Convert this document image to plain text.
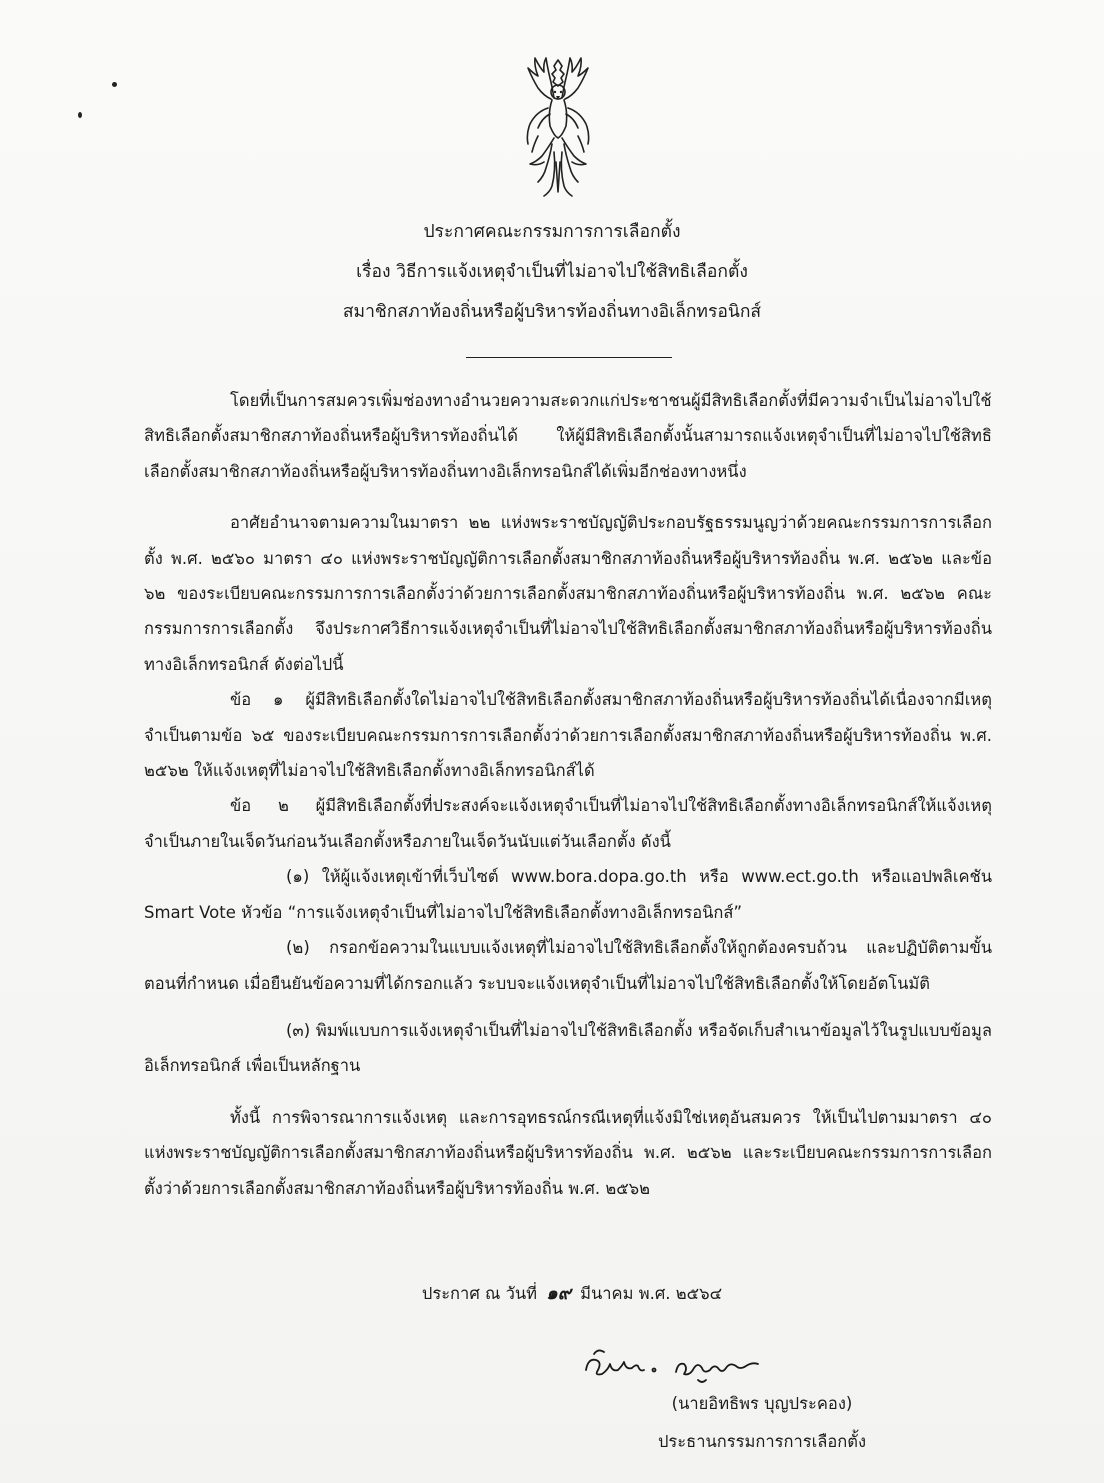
ประกาศคณะกรรมการการเลือกตั้ง
เรื่อง วิธีการแจ้งเหตุจำเป็นที่ไม่อาจไปใช้สิทธิเลือกตั้ง
สมาชิกสภาท้องถิ่นหรือผู้บริหารท้องถิ่นทางอิเล็กทรอนิกส์

โดยที่เป็นการสมควรเพิ่มช่องทางอำนวยความสะดวกแก่ประชาชนผู้มีสิทธิเลือกตั้งที่มีความจำเป็นไม่อาจไปใช้สิทธิเลือกตั้งสมาชิกสภาท้องถิ่นหรือผู้บริหารท้องถิ่นได้ ให้ผู้มีสิทธิเลือกตั้งนั้นสามารถแจ้งเหตุจำเป็นที่ไม่อาจไปใช้สิทธิเลือกตั้งสมาชิกสภาท้องถิ่นหรือผู้บริหารท้องถิ่นทางอิเล็กทรอนิกส์ได้เพิ่มอีกช่องทางหนึ่ง

อาศัยอำนาจตามความในมาตรา ๒๒ แห่งพระราชบัญญัติประกอบรัฐธรรมนูญว่าด้วยคณะกรรมการการเลือกตั้ง พ.ศ. ๒๕๖๐ มาตรา ๔๐ แห่งพระราชบัญญัติการเลือกตั้งสมาชิกสภาท้องถิ่นหรือผู้บริหารท้องถิ่น พ.ศ. ๒๕๖๒ และข้อ ๖๒ ของระเบียบคณะกรรมการการเลือกตั้งว่าด้วยการเลือกตั้งสมาชิกสภาท้องถิ่นหรือผู้บริหารท้องถิ่น พ.ศ. ๒๕๖๒ คณะกรรมการการเลือกตั้ง จึงประกาศวิธีการแจ้งเหตุจำเป็นที่ไม่อาจไปใช้สิทธิเลือกตั้งสมาชิกสภาท้องถิ่นหรือผู้บริหารท้องถิ่นทางอิเล็กทรอนิกส์ ดังต่อไปนี้

ข้อ ๑ ผู้มีสิทธิเลือกตั้งใดไม่อาจไปใช้สิทธิเลือกตั้งสมาชิกสภาท้องถิ่นหรือผู้บริหารท้องถิ่นได้เนื่องจากมีเหตุจำเป็นตามข้อ ๖๕ ของระเบียบคณะกรรมการการเลือกตั้งว่าด้วยการเลือกตั้งสมาชิกสภาท้องถิ่นหรือผู้บริหารท้องถิ่น พ.ศ. ๒๕๖๒ ให้แจ้งเหตุที่ไม่อาจไปใช้สิทธิเลือกตั้งทางอิเล็กทรอนิกส์ได้

ข้อ ๒ ผู้มีสิทธิเลือกตั้งที่ประสงค์จะแจ้งเหตุจำเป็นที่ไม่อาจไปใช้สิทธิเลือกตั้งทางอิเล็กทรอนิกส์ให้แจ้งเหตุจำเป็นภายในเจ็ดวันก่อนวันเลือกตั้งหรือภายในเจ็ดวันนับแต่วันเลือกตั้ง ดังนี้

(๑) ให้ผู้แจ้งเหตุเข้าที่เว็บไซต์ www.bora.dopa.go.th หรือ www.ect.go.th หรือแอปพลิเคชัน Smart Vote หัวข้อ “การแจ้งเหตุจำเป็นที่ไม่อาจไปใช้สิทธิเลือกตั้งทางอิเล็กทรอนิกส์”

(๒) กรอกข้อความในแบบแจ้งเหตุที่ไม่อาจไปใช้สิทธิเลือกตั้งให้ถูกต้องครบถ้วน และปฏิบัติตามขั้นตอนที่กำหนด เมื่อยืนยันข้อความที่ได้กรอกแล้ว ระบบจะแจ้งเหตุจำเป็นที่ไม่อาจไปใช้สิทธิเลือกตั้งให้โดยอัตโนมัติ

(๓) พิมพ์แบบการแจ้งเหตุจำเป็นที่ไม่อาจไปใช้สิทธิเลือกตั้ง หรือจัดเก็บสำเนาข้อมูลไว้ในรูปแบบข้อมูลอิเล็กทรอนิกส์ เพื่อเป็นหลักฐาน

ทั้งนี้ การพิจารณาการแจ้งเหตุ และการอุทธรณ์กรณีเหตุที่แจ้งมิใช่เหตุอันสมควร ให้เป็นไปตามมาตรา ๔๐ แห่งพระราชบัญญัติการเลือกตั้งสมาชิกสภาท้องถิ่นหรือผู้บริหารท้องถิ่น พ.ศ. ๒๕๖๒ และระเบียบคณะกรรมการการเลือกตั้งว่าด้วยการเลือกตั้งสมาชิกสภาท้องถิ่นหรือผู้บริหารท้องถิ่น พ.ศ. ๒๕๖๒

ประกาศ ณ วันที่ ๑๙ มีนาคม พ.ศ. ๒๕๖๔
(นายอิทธิพร บุญประคอง)
ประธานกรรมการการเลือกตั้ง
